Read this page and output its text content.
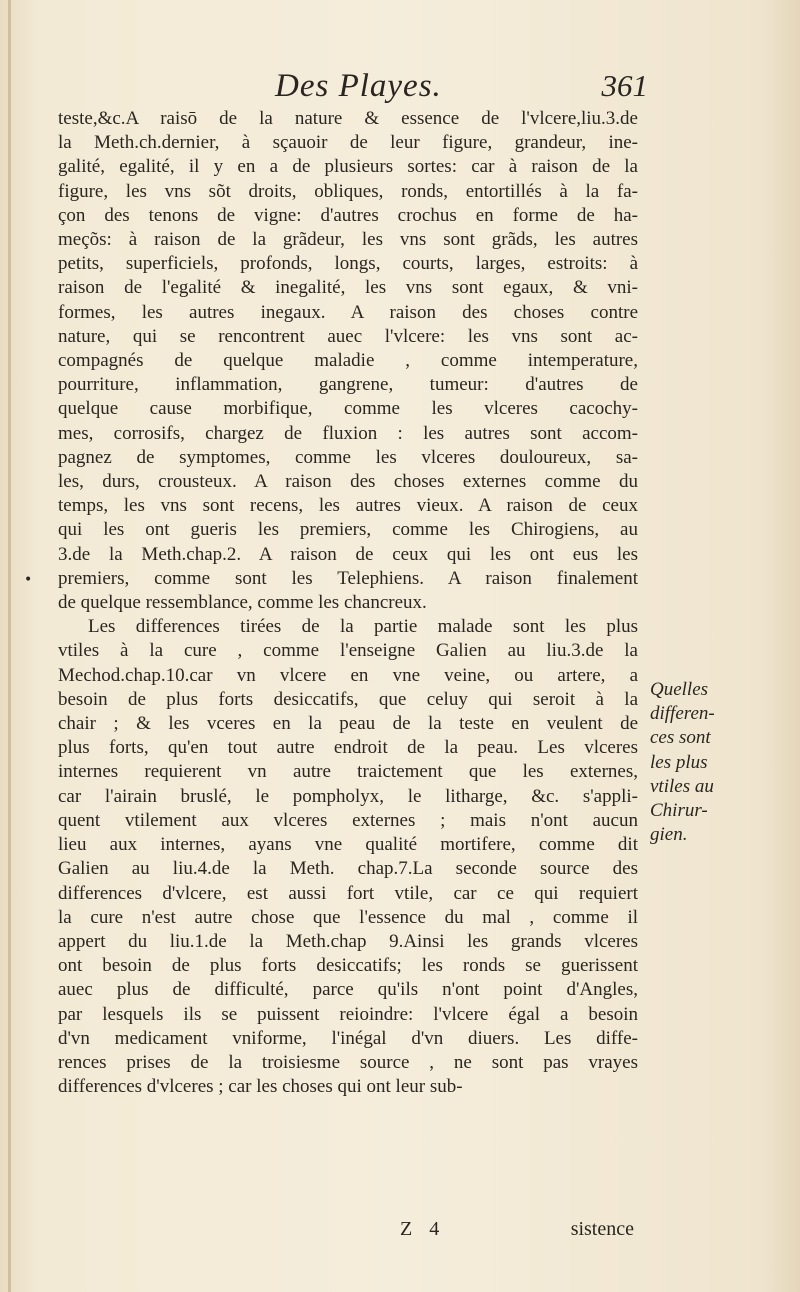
Des Playes.	361
•
teste,&c.A raisō de la nature & essence de l'vlcere,liu.3.de
la Meth.ch.dernier, à sçauoir de leur figure, grandeur, ine-
galité, egalité, il y en a de plusieurs sortes: car à raison de la
figure, les vns sõt droits, obliques, ronds, entortillés à la fa-
çon des tenons de vigne: d'autres crochus en forme de ha-
meçõs: à raison de la grãdeur, les vns sont grãds, les autres
petits, superficiels, profonds, longs, courts, larges, estroits: à
raison de l'egalité & inegalité, les vns sont egaux, & vni-
formes, les autres inegaux. A raison des choses contre
nature, qui se rencontrent auec l'vlcere: les vns sont ac-
compagnés de quelque maladie , comme intemperature,
pourriture, inflammation, gangrene, tumeur: d'autres de
quelque cause morbifique, comme les vlceres cacochy-
mes, corrosifs, chargez de fluxion : les autres sont accom-
pagnez de symptomes, comme les vlceres douloureux, sa-
les, durs, crousteux. A raison des choses externes comme du
temps, les vns sont recens, les autres vieux. A raison de ceux
qui les ont gueris les premiers, comme les Chirogiens, au
3.de la Meth.chap.2. A raison de ceux qui les ont eus les
premiers, comme sont les Telephiens. A raison finalement
de quelque ressemblance, comme les chancreux.
Les differences tirées de la partie malade sont les plus
vtiles à la cure , comme l'enseigne Galien au liu.3.de la
Mechod.chap.10.car vn vlcere en vne veine, ou artere, a
besoin de plus forts desiccatifs, que celuy qui seroit à la
chair ; & les vceres en la peau de la teste en veulent de
plus forts, qu'en tout autre endroit de la peau. Les vlceres
internes requierent vn autre traictement que les externes,
car l'airain bruslé, le pompholyx, le litharge, &c. s'appli-
quent vtilement aux vlceres externes ; mais n'ont aucun
lieu aux internes, ayans vne qualité mortifere, comme dit
Galien au liu.4.de la Meth. chap.7.La seconde source des
differences d'vlcere, est aussi fort vtile, car ce qui requiert
la cure n'est autre chose que l'essence du mal , comme il
appert du liu.1.de la Meth.chap 9.Ainsi les grands vlceres
ont besoin de plus forts desiccatifs; les ronds se guerissent
auec plus de difficulté, parce qu'ils n'ont point d'Angles,
par lesquels ils se puissent reioindre: l'vlcere égal a besoin
d'vn medicament vniforme, l'inégal d'vn diuers. Les diffe-
rences prises de la troisiesme source , ne sont pas vrayes
differences d'vlceres ; car les choses qui ont leur sub-
Quelles
differen-
ces sont
les plus
vtiles au
Chirur-
gien.
Z 4	sistence
